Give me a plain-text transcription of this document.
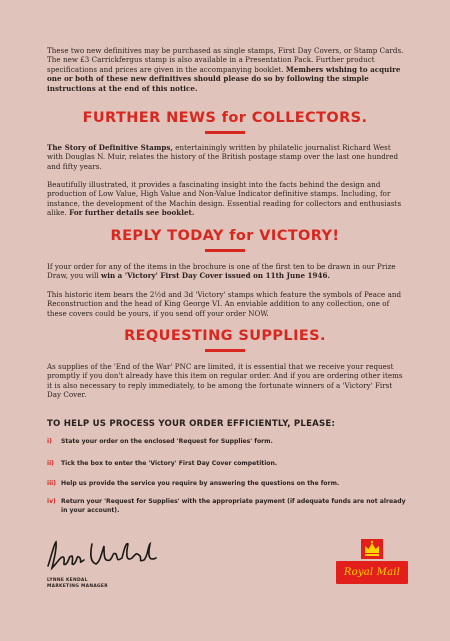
These two new definitives may be purchased as single stamps, First Day Covers, or Stamp Cards. The new £3 Carrickfergus stamp is also available in a Presentation Pack. Further product specifications and prices are given in the accompanying booklet. Members wishing to acquire one or both of these new definitives should please do so by following the simple instructions at the end of this notice.

FURTHER NEWS for COLLECTORS.

The Story of Definitive Stamps, entertainingly written by philatelic journalist Richard West with Douglas N. Muir, relates the history of the British postage stamp over the last one hundred and fifty years.

Beautifully illustrated, it provides a fascinating insight into the facts behind the design and production of Low Value, High Value and Non-Value Indicator definitive stamps. Including, for instance, the development of the Machin design. Essential reading for collectors and enthusiasts alike. For further details see booklet.

REPLY TODAY for VICTORY!

If your order for any of the items in the brochure is one of the first ten to be drawn in our Prize Draw, you will win a 'Victory' First Day Cover issued on 11th June 1946.

This historic item bears the 2½d and 3d 'Victory' stamps which feature the symbols of Peace and Reconstruction and the head of King George VI. An enviable addition to any collection, one of these covers could be yours, if you send off your order NOW.

REQUESTING SUPPLIES.

As supplies of the 'End of the War' PNC are limited, it is essential that we receive your request promptly if you don't already have this item on regular order. And if you are ordering other items it is also necessary to reply immediately, to be among the fortunate winners of a 'Victory' First Day Cover.

TO HELP US PROCESS YOUR ORDER EFFICIENTLY, PLEASE:
i) State your order on the enclosed 'Request for Supplies' form.
ii) Tick the box to enter the 'Victory' First Day Cover competition.
iii) Help us provide the service you require by answering the questions on the form.
iv) Return your 'Request for Supplies' with the appropriate payment (if adequate funds are not already in your account).
LYNNE KENDAL
MARKETING MANAGER
Royal Mail
